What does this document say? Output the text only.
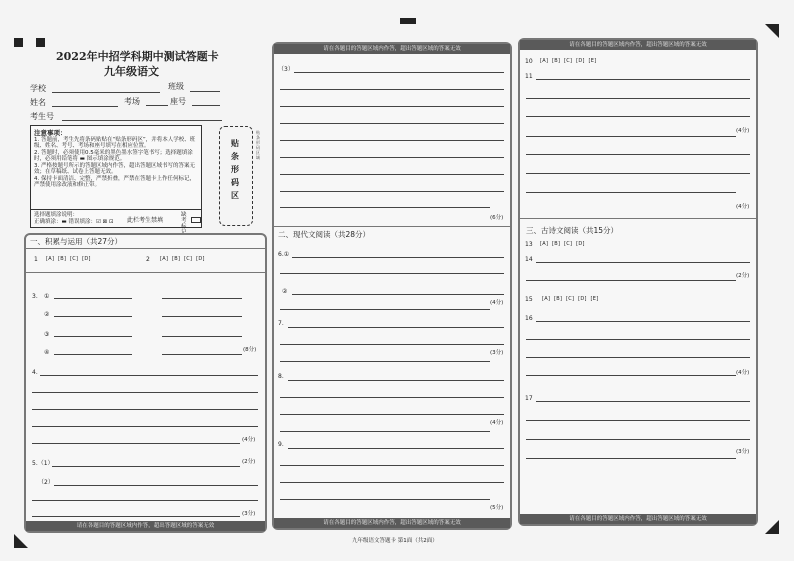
2022年中招学科期中测试答题卡
九年级语文
学校	班级
姓名	考场	座号
考生号
注意事项：
1. 答题前，考生先将条码贴贴在“贴条形码区”，并将本人学校、班级、姓名、考号、考场和座号填写在相应位置。
2. 答题时，必须使用0.5毫米的黑色墨水签字笔书写；选择题填涂时，必须用铅笔将 ▬ 图示填涂规范。
3. 严格按题号所示的答题区域内作答，超出答题区域书写的答案无效；在草稿纸、试卷上答题无效。
4. 保持卡面清洁、完整，严禁折叠，严禁在答题卡上作任何标记，严禁使用涂改液和修正带。
选择题填涂说明：
正确填涂：▬ 错误填涂：☑ ⊠ ⊡ 此栏考生禁填
缺考标
贴条形码区
贴条形码区域
一、积累与运用（共27分）
1 [A]  [B]  [C]  [D]	2 [A]  [B]  [C]  [D]
3. ①
②
③
④	(8分)
4.
(4分)
5.（1）	(2分)
（2）
(3分)
请在各题目的答题区域内作答，超出答题区域的答案无效
请在各题目的答题区域内作答，超出答题区域的答案无效
（3）
(6分)
二、现代文阅读（共28分）
6.①
②
(4分)
7.
(3分)
8.
(4分)
9.
(5分)
请在各题目的答题区域内作答，超出答题区域的答案无效
请在各题目的答题区域内作答，超出答题区域的答案无效
10 [A]  [B]  [C]  [D]  [E]
11
(4分)
(4分)
三、古诗文阅读（共15分）
13 [A]  [B]  [C]  [D]
14
(2分)
15 [A]  [B]  [C]  [D]  [E]
16
(4分)
17
(3分)
请在各题目的答题区域内作答，超出答题区域的答案无效
九年级语文答题卡 第1面（共2面）
